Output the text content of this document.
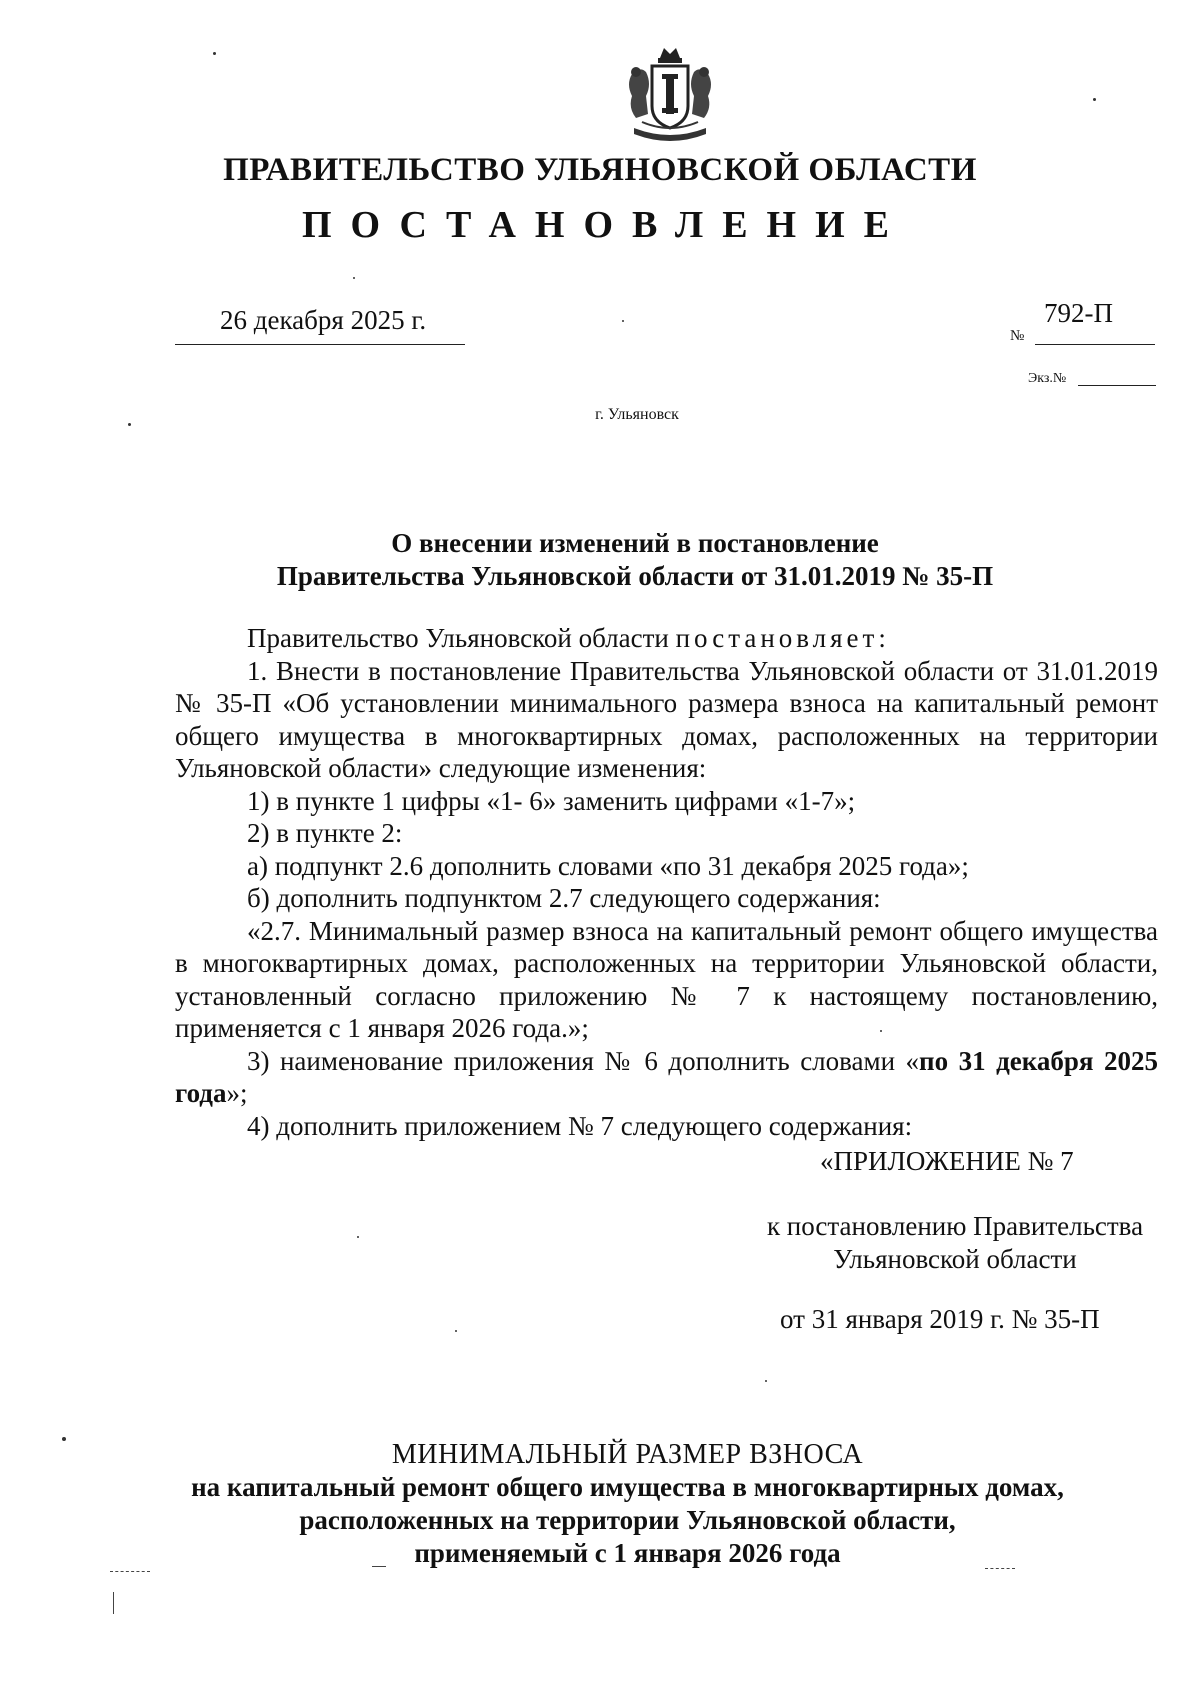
ПРАВИТЕЛЬСТВО УЛЬЯНОВСКОЙ ОБЛАСТИ
ПОСТАНОВЛЕНИЕ
26 декабря 2025 г.
№
792-П
Экз.№
г. Ульяновск
О внесении изменений в постановление
Правительства Ульяновской области от 31.01.2019 № 35-П

Правительство Ульяновской области постановляет:

1. Внести в постановление Правительства Ульяновской области от 31.01.2019 № 35-П «Об установлении минимального размера взноса на капитальный ремонт общего имущества в многоквартирных домах, расположенных на территории Ульяновской области» следующие изменения:

1) в пункте 1 цифры «1- 6» заменить цифрами «1-7»;

2) в пункте 2:

а) подпункт 2.6 дополнить словами «по 31 декабря 2025 года»;

б) дополнить подпунктом 2.7 следующего содержания:

«2.7. Минимальный размер взноса на капитальный ремонт общего имущества в многоквартирных домах, расположенных на территории Ульяновской области, установленный согласно приложению № 7 к настоящему постановлению, применяется с 1 января 2026 года.»;

3) наименование приложения № 6 дополнить словами «по 31 декабря 2025 года»;

4) дополнить приложением № 7 следующего содержания:

«ПРИЛОЖЕНИЕ № 7
к постановлению Правительства
Ульяновской области
от 31 января 2019 г. № 35-П
МИНИМАЛЬНЫЙ РАЗМЕР ВЗНОСА
на капитальный ремонт общего имущества в многоквартирных домах,
расположенных на территории Ульяновской области,
применяемый с 1 января 2026 года
